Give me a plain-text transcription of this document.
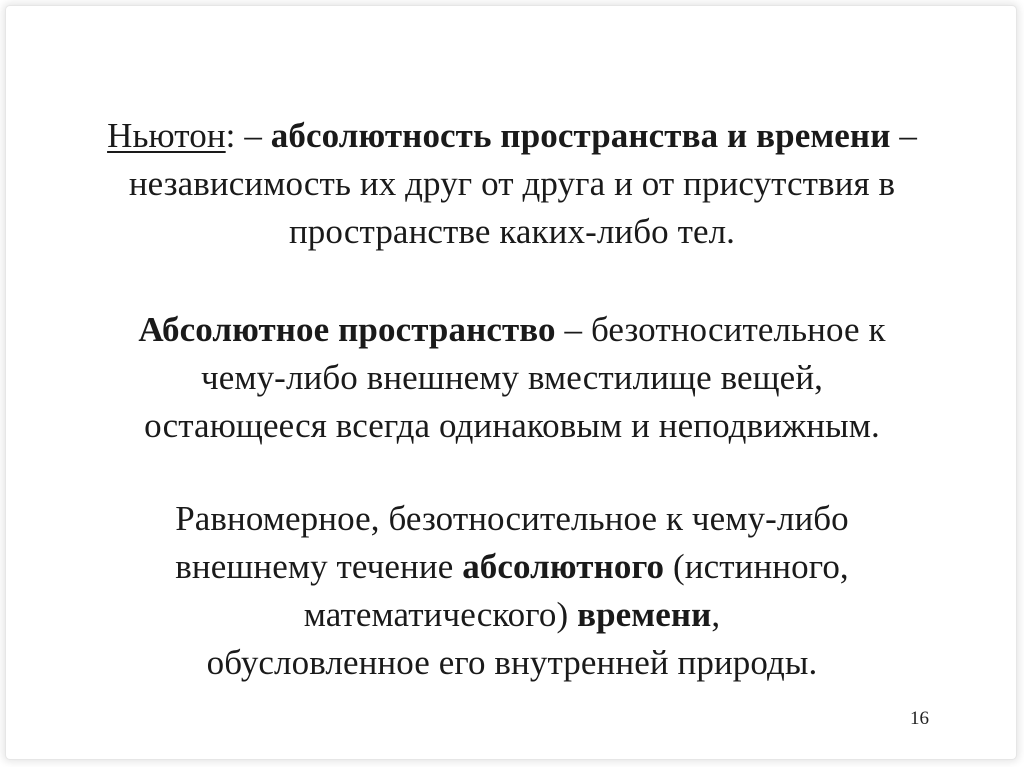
Ньютон: – абсолютность пространства и времени –
независимость их друг от друга и от присутствия в
пространстве каких-либо тел.
Абсолютное пространство – безотносительное к
чему-либо внешнему вместилище вещей,
остающееся всегда одинаковым и неподвижным.
Равномерное, безотносительное к чему-либо
внешнему течение абсолютного (истинного,
математического) времени,
обусловленное его внутренней природы.
16
